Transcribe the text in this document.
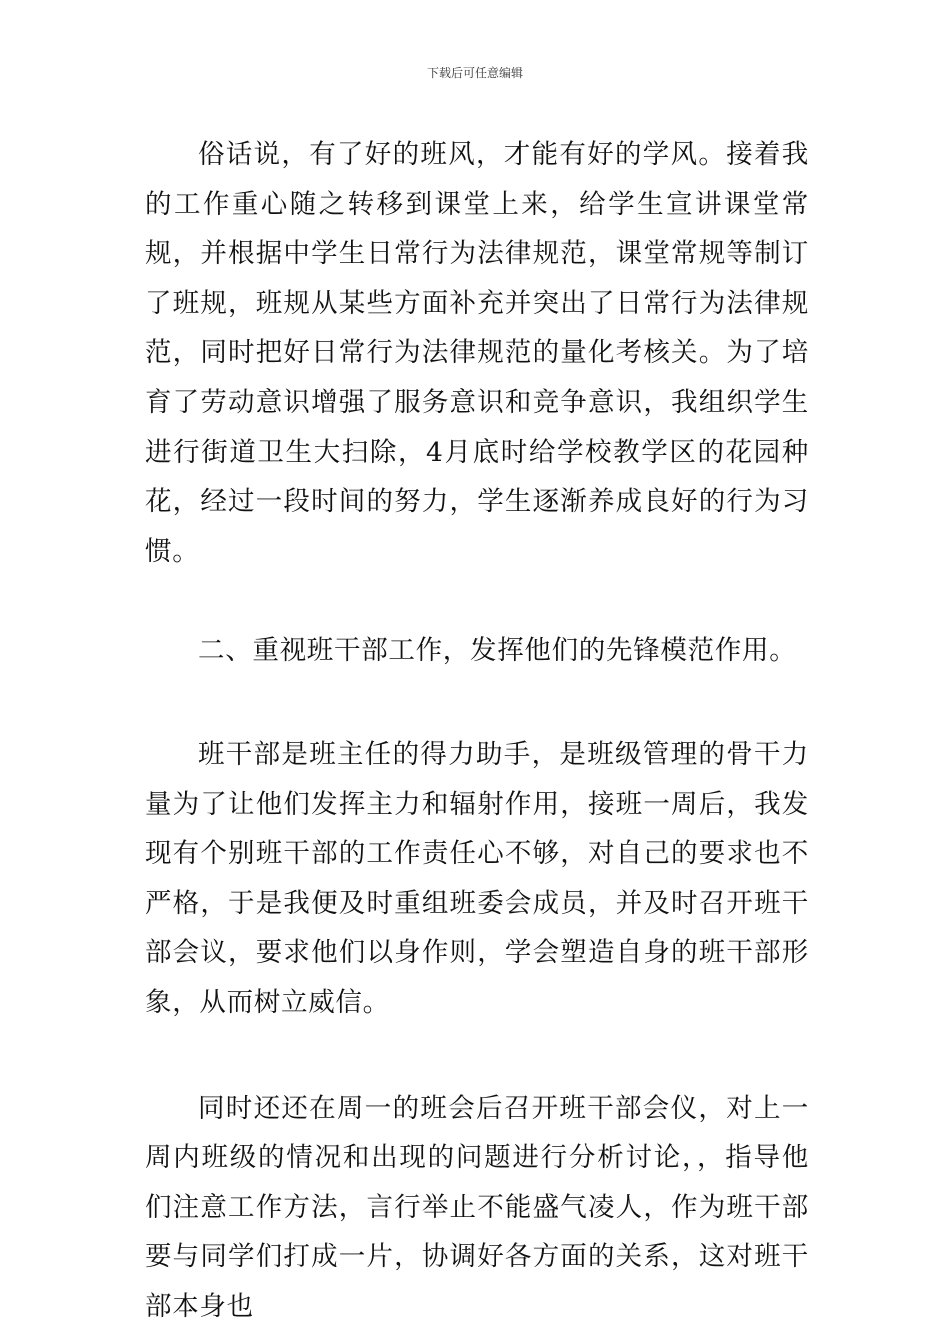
下载后可任意编辑

俗话说，有了好的班风，才能有好的学风。接着我的工作重心随之转移到课堂上来，给学生宣讲课堂常规，并根据中学生日常行为法律规范，课堂常规等制订了班规，班规从某些方面补充并突出了日常行为法律规范，同时把好日常行为法律规范的量化考核关。为了培育了劳动意识增强了服务意识和竞争意识，我组织学生进行街道卫生大扫除，4月底时给学校教学区的花园种花，经过一段时间的努力，学生逐渐养成良好的行为习惯。

二、重视班干部工作，发挥他们的先锋模范作用。

班干部是班主任的得力助手，是班级管理的骨干力量为了让他们发挥主力和辐射作用，接班一周后，我发现有个别班干部的工作责任心不够，对自己的要求也不严格，于是我便及时重组班委会成员，并及时召开班干部会议，要求他们以身作则，学会塑造自身的班干部形象，从而树立威信。

同时还还在周一的班会后召开班干部会仪，对上一周内班级的情况和出现的问题进行分析讨论，，指导他们注意工作方法，言行举止不能盛气凌人，作为班干部要与同学们打成一片，协调好各方面的关系，这对班干部本身也
